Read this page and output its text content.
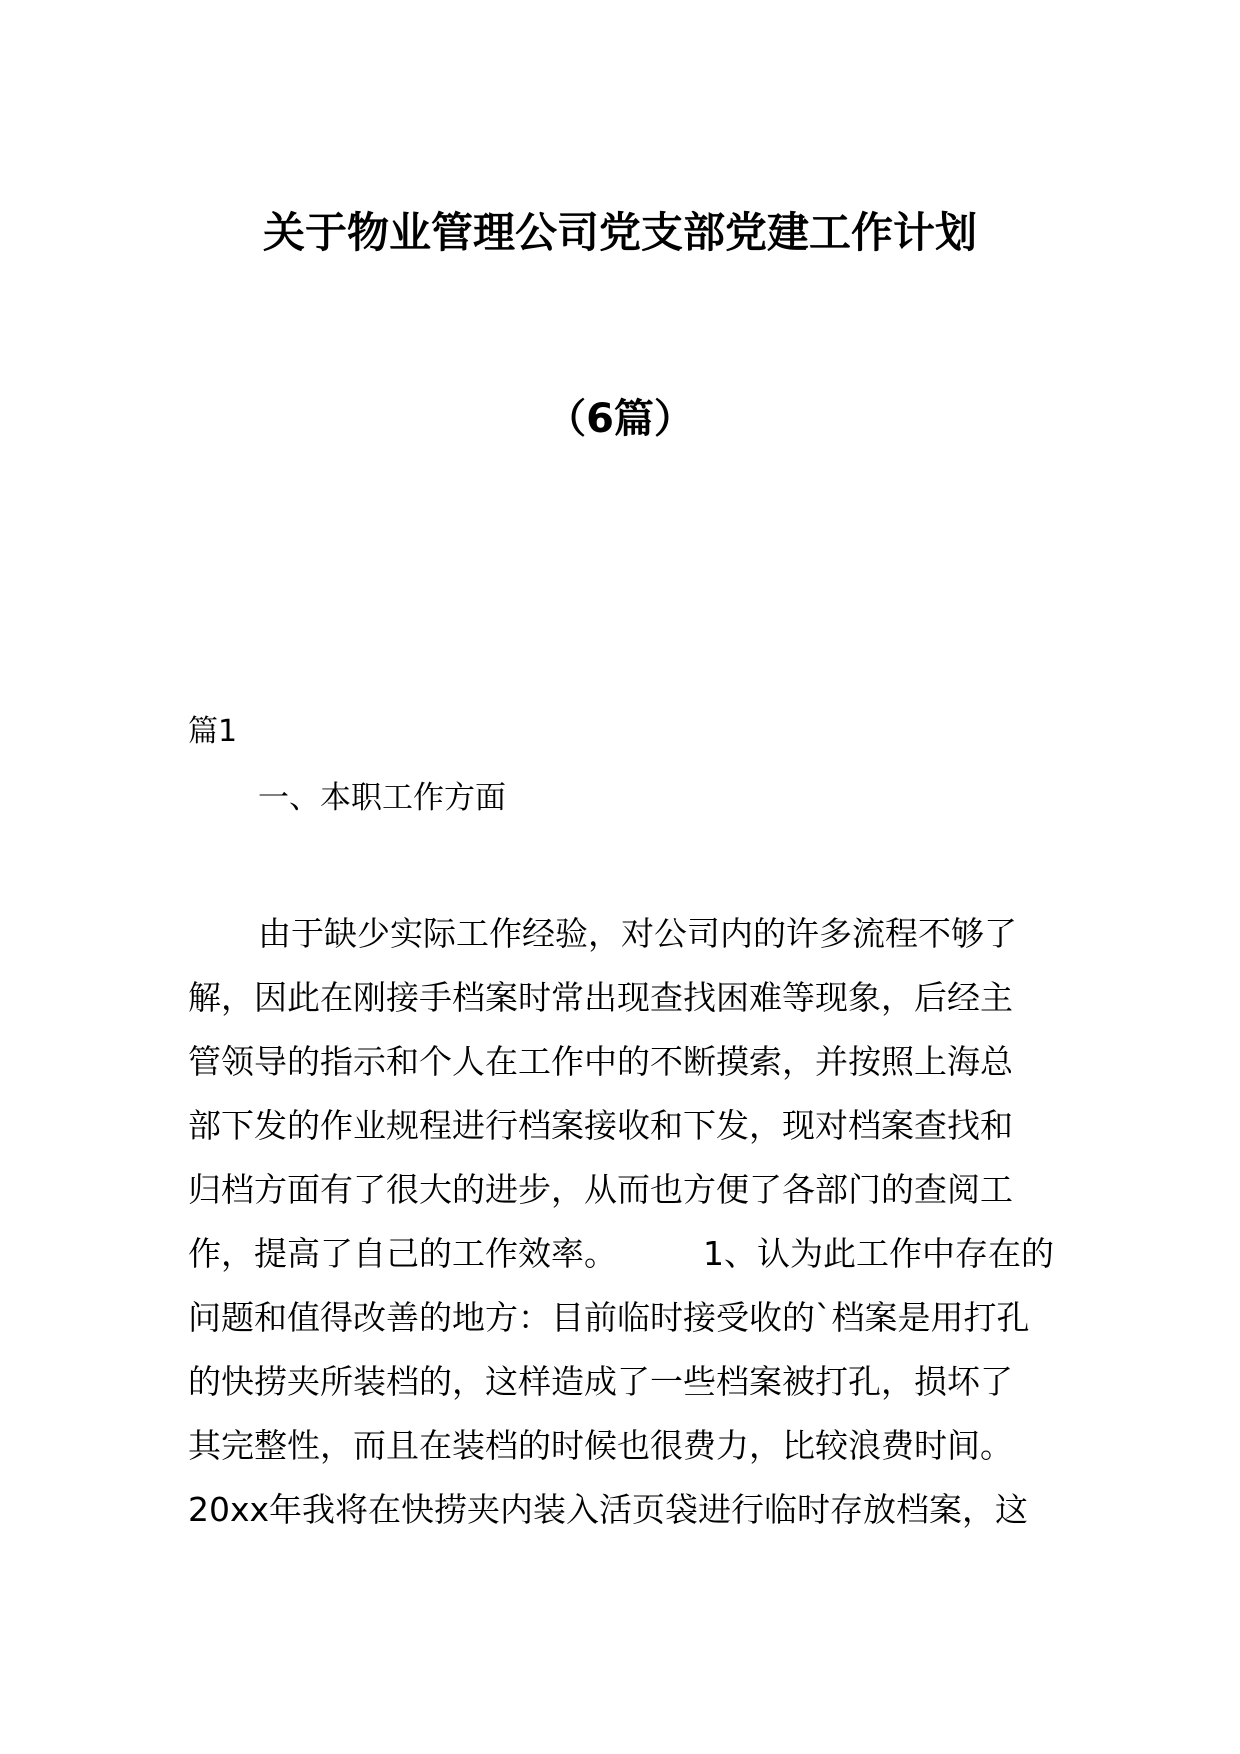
关于物业管理公司党支部党建工作计划
（6篇）
篇1
一、本职工作方面
由于缺少实际工作经验，对公司内的许多流程不够了
解，因此在刚接手档案时常出现查找困难等现象，后经主
管领导的指示和个人在工作中的不断摸索，并按照上海总
部下发的作业规程进行档案接收和下发，现对档案查找和
归档方面有了很大的进步，从而也方便了各部门的查阅工
作，提高了自己的工作效率。	1、认为此工作中存在的
问题和值得改善的地方：目前临时接受收的`档案是用打孔
的快捞夹所装档的，这样造成了一些档案被打孔，损坏了
其完整性，而且在装档的时候也很费力，比较浪费时间。
20xx年我将在快捞夹内装入活页袋进行临时存放档案，这
